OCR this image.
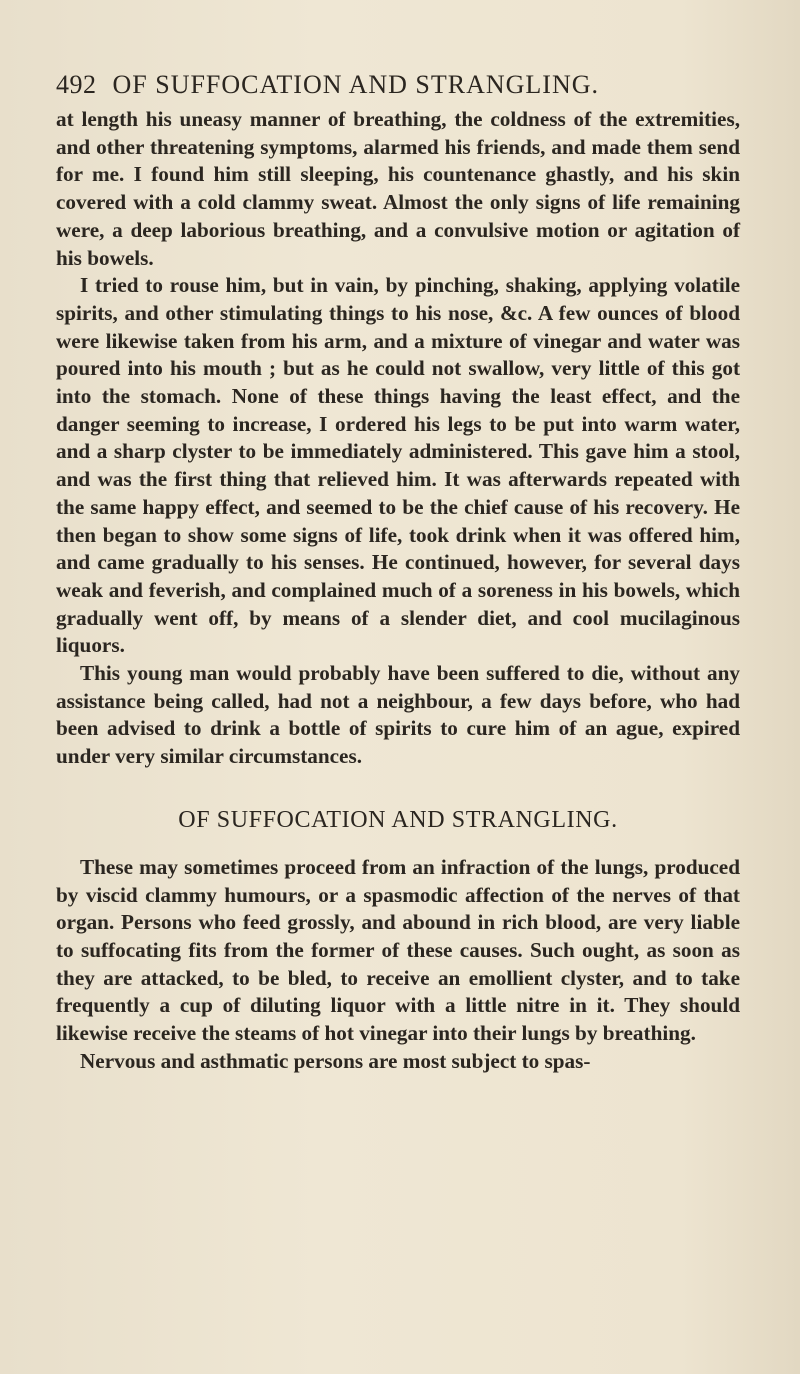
492 OF SUFFOCATION AND STRANGLING.

at length his uneasy manner of breathing, the coldness of the extremities, and other threatening symptoms, alarmed his friends, and made them send for me. I found him still sleeping, his countenance ghastly, and his skin covered with a cold clammy sweat. Almost the only signs of life remaining were, a deep laborious breathing, and a convulsive motion or agitation of his bowels.

I tried to rouse him, but in vain, by pinching, shaking, applying volatile spirits, and other stimulating things to his nose, &c. A few ounces of blood were likewise taken from his arm, and a mixture of vinegar and water was poured into his mouth ; but as he could not swallow, very little of this got into the stomach. None of these things having the least effect, and the danger seeming to increase, I ordered his legs to be put into warm water, and a sharp clyster to be immediately administered. This gave him a stool, and was the first thing that relieved him. It was afterwards repeated with the same happy effect, and seemed to be the chief cause of his recovery. He then began to show some signs of life, took drink when it was offered him, and came gradually to his senses. He continued, however, for several days weak and feverish, and complained much of a soreness in his bowels, which gradually went off, by means of a slender diet, and cool mucilaginous liquors.

This young man would probably have been suffered to die, without any assistance being called, had not a neighbour, a few days before, who had been advised to drink a bottle of spirits to cure him of an ague, expired under very similar circumstances.

OF SUFFOCATION AND STRANGLING.

These may sometimes proceed from an infraction of the lungs, produced by viscid clammy humours, or a spasmodic affection of the nerves of that organ. Persons who feed grossly, and abound in rich blood, are very liable to suffocating fits from the former of these causes. Such ought, as soon as they are attacked, to be bled, to receive an emollient clyster, and to take frequently a cup of diluting liquor with a little nitre in it. They should likewise receive the steams of hot vinegar into their lungs by breathing.

Nervous and asthmatic persons are most subject to spas-
